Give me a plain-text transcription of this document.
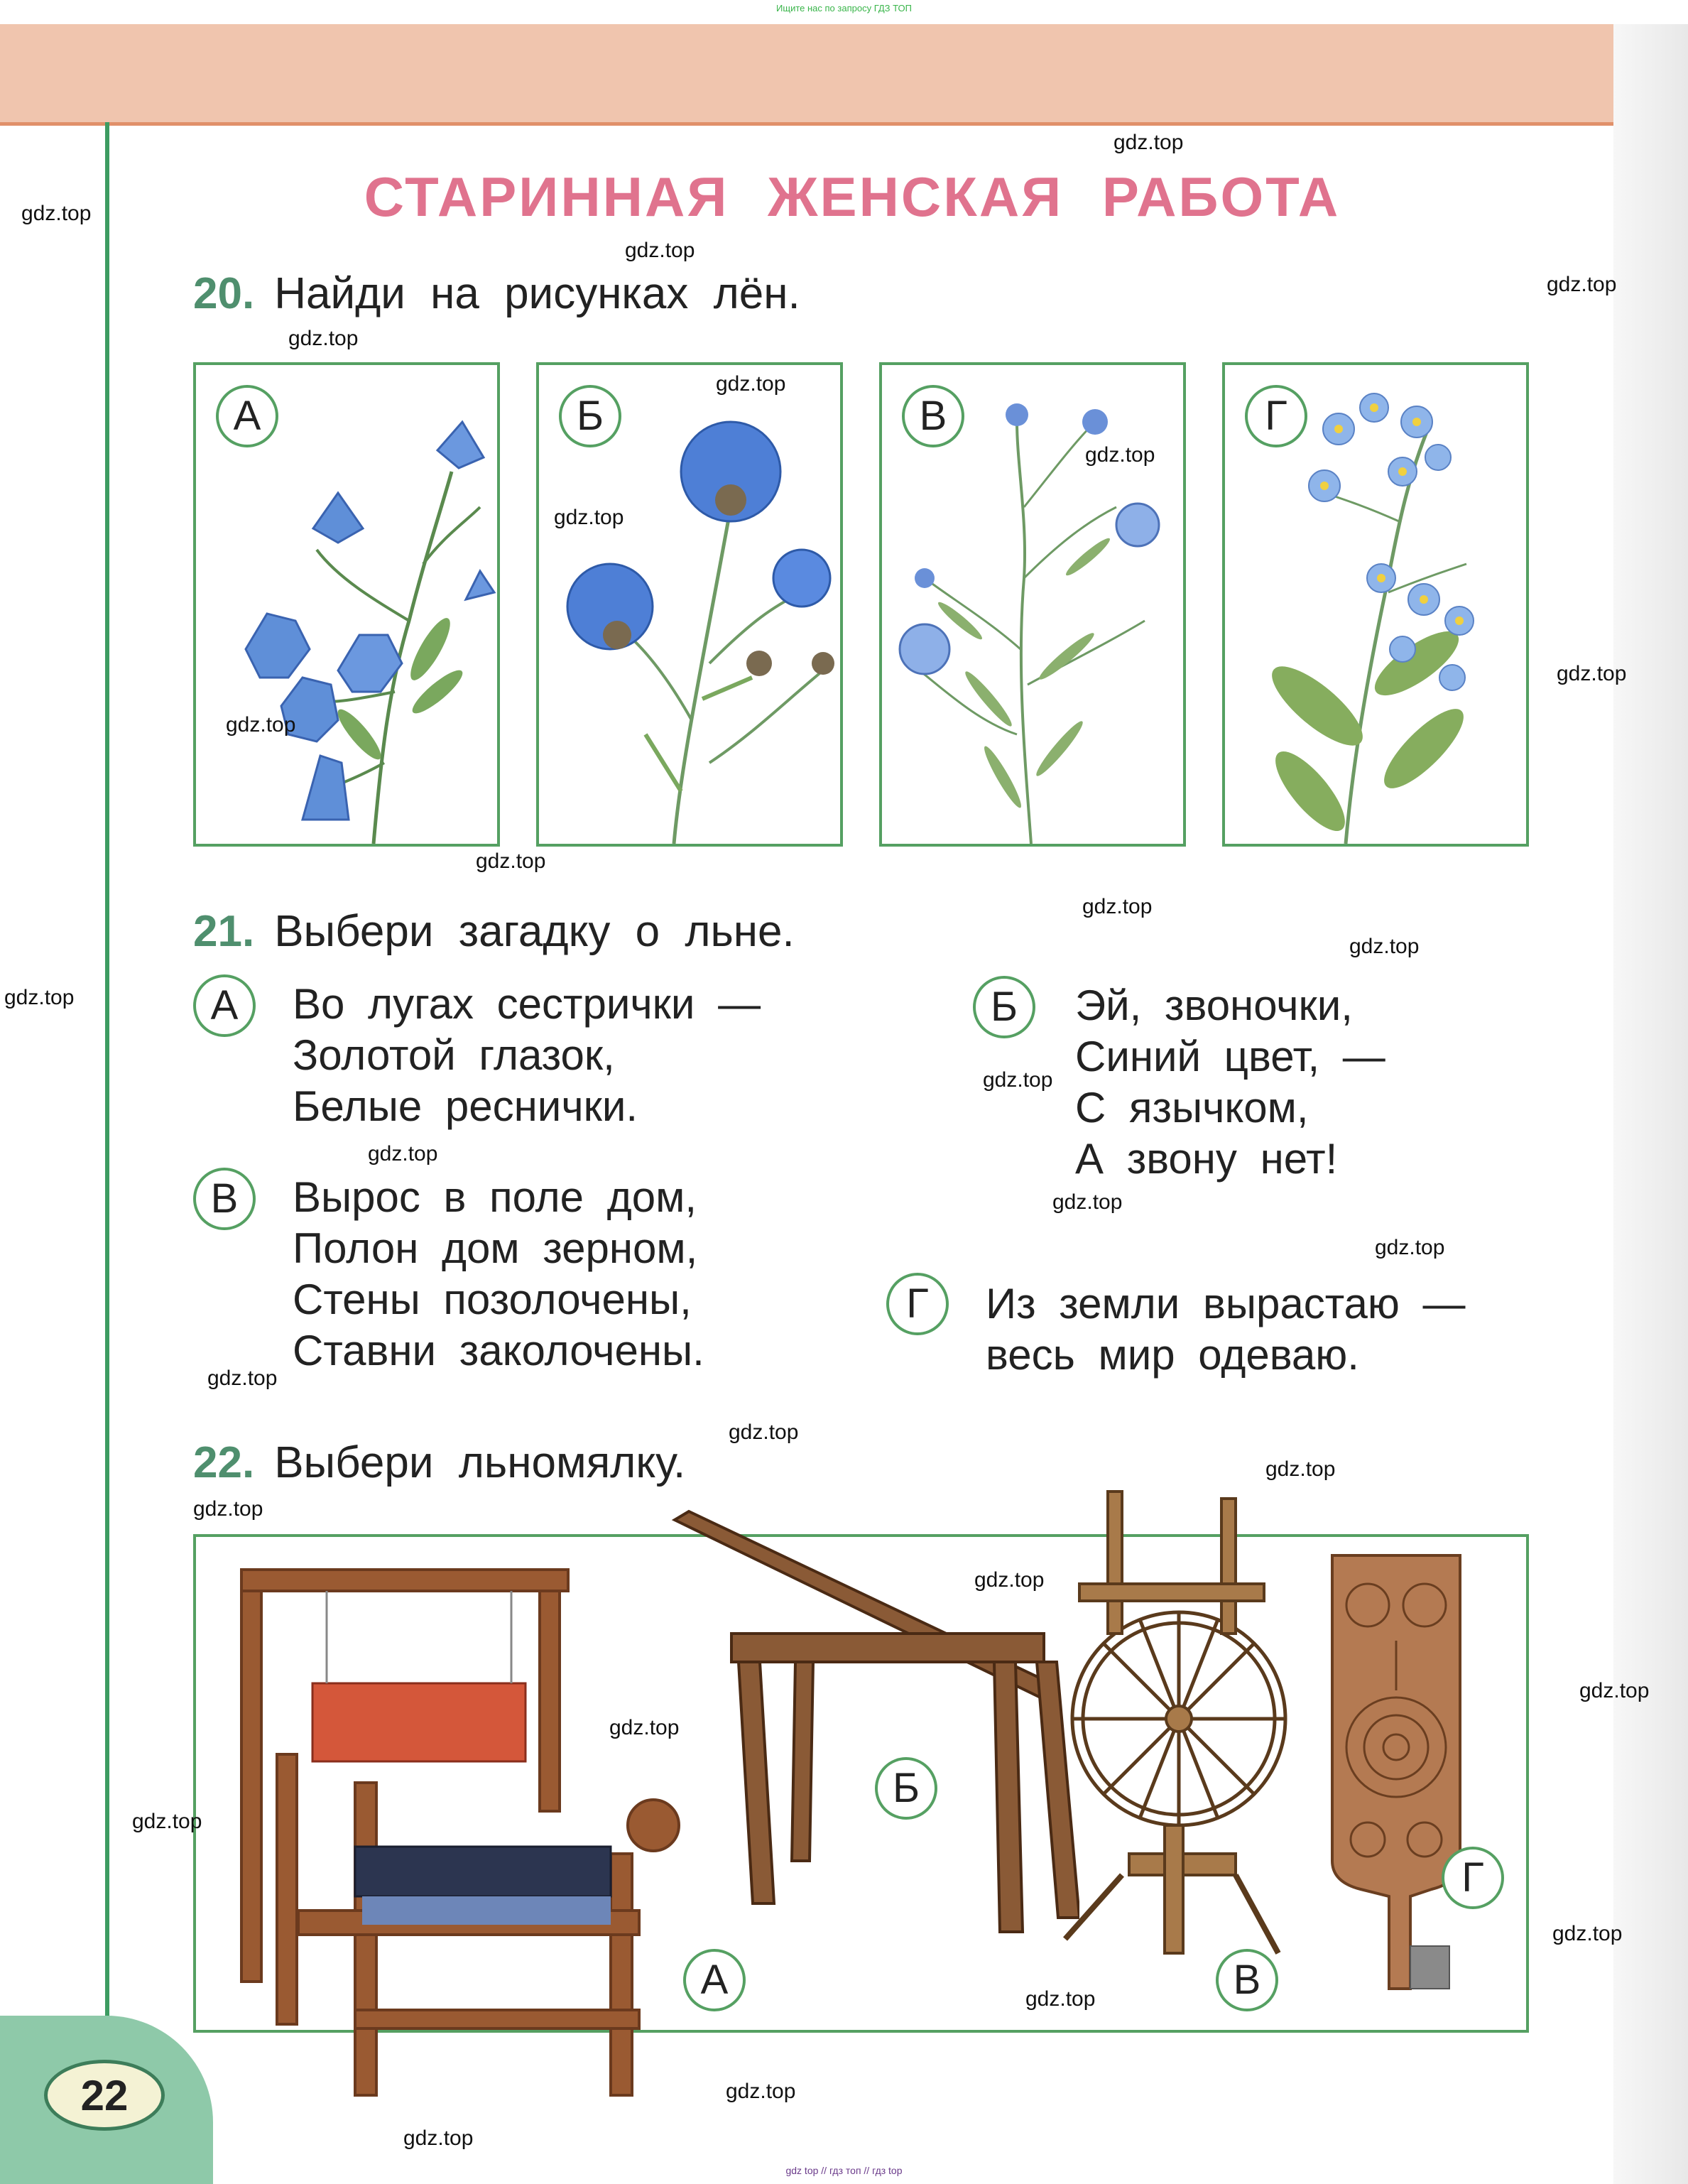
Ищите нас по запросу ГДЗ ТОП
СТАРИННАЯ ЖЕНСКАЯ РАБОТА
20. Найди на рисунках лён.
А	Б	В	Г
21. Выбери загадку о льне.
А	Во лугах сестрички —
Золотой глазок,
Белые реснички.
Б	Эй, звоночки,
Синий цвет, —
С язычком,
А звону нет!
В	Вырос в поле дом,
Полон дом зерном,
Стены позолочены,
Ставни заколочены.
Г	Из земли вырастаю —
весь мир одеваю.
22. Выбери льномялку.
А
Б
В
Г
22
gdz.top
gdz.top
gdz.top
gdz.top
gdz.top
gdz.top
gdz.top
gdz.top
gdz.top
gdz.top
gdz.top
gdz.top
gdz.top
gdz.top
gdz.top
gdz.top
gdz.top
gdz.top
gdz.top
gdz.top
gdz.top
gdz.top
gdz.top
gdz.top
gdz.top
gdz.top
gdz.top
gdz.top
gdz.top
gdz.top
gdz top // гдз топ // гдз top
